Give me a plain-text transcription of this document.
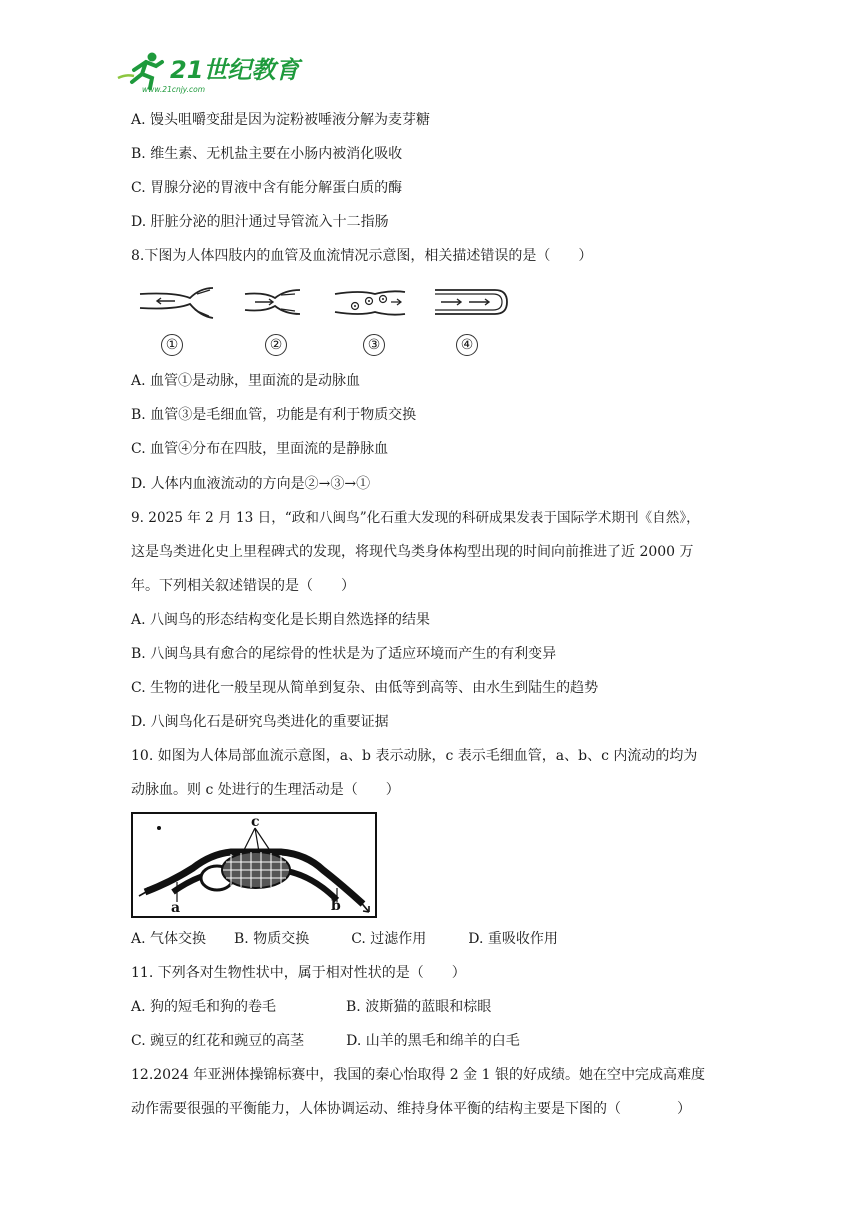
21世纪教育
www.21cnjy.com
A. 馒头咀嚼变甜是因为淀粉被唾液分解为麦芽糖
B. 维生素、无机盐主要在小肠内被消化吸收
C. 胃腺分泌的胃液中含有能分解蛋白质的酶
D. 肝脏分泌的胆汁通过导管流入十二指肠
8.下图为人体四肢内的血管及血流情况示意图，相关描述错误的是（　　）
①	②	③	④
A. 血管①是动脉，里面流的是动脉血
B. 血管③是毛细血管，功能是有利于物质交换
C. 血管④分布在四肢，里面流的是静脉血
D. 人体内血液流动的方向是②→③→①
9. 2025 年 2 月 13 日，“政和八闽鸟”化石重大发现的科研成果发表于国际学术期刊《自然》，
这是鸟类进化史上里程碑式的发现，将现代鸟类身体构型出现的时间向前推进了近 2000 万
年。下列相关叙述错误的是（　　）
A. 八闽鸟的形态结构变化是长期自然选择的结果
B. 八闽鸟具有愈合的尾综骨的性状是为了适应环境而产生的有利变异
C. 生物的进化一般呈现从简单到复杂、由低等到高等、由水生到陆生的趋势
D. 八闽鸟化石是研究鸟类进化的重要证据
10. 如图为人体局部血流示意图，a、b 表示动脉，c 表示毛细血管，a、b、c 内流动的均为
动脉血。则 c 处进行的生理活动是（　　）
c
a	b
A. 气体交换　　B. 物质交换　　　C. 过滤作用　　　D. 重吸收作用
11. 下列各对生物性状中，属于相对性状的是（　　）
A. 狗的短毛和狗的卷毛　　　　　B. 波斯猫的蓝眼和棕眼
C. 豌豆的红花和豌豆的高茎　　　D. 山羊的黑毛和绵羊的白毛
12.2024 年亚洲体操锦标赛中，我国的秦心怡取得 2 金 1 银的好成绩。她在空中完成高难度
动作需要很强的平衡能力，人体协调运动、维持身体平衡的结构主要是下图的（　　　　）
